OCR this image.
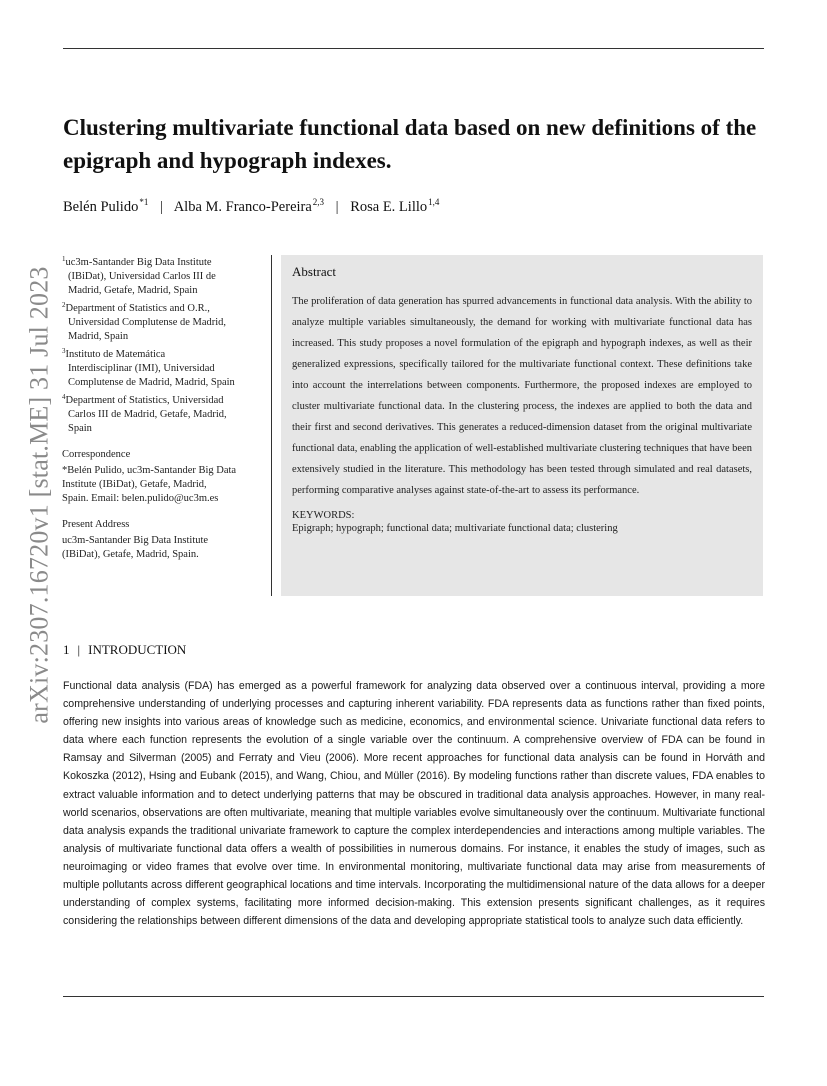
arXiv:2307.16720v1 [stat.ME] 31 Jul 2023
Clustering multivariate functional data based on new definitions of the epigraph and hypograph indexes.
Belén Pulido$^{*1}$ | Alba M. Franco-Pereira$^{2,3}$ | Rosa E. Lillo$^{1,4}$
$^1$uc3m-Santander Big Data Institute
(IBiDat), Universidad Carlos III de
Madrid, Getafe, Madrid, Spain
$^2$Department of Statistics and O.R.,
Universidad Complutense de Madrid,
Madrid, Spain
$^3$Instituto de Matemática
Interdisciplinar (IMI), Universidad
Complutense de Madrid, Madrid, Spain
$^4$Department of Statistics, Universidad
Carlos III de Madrid, Getafe, Madrid,
Spain
Correspondence
*Belén Pulido, uc3m-Santander Big Data
Institute (IBiDat), Getafe, Madrid,
Spain. Email: belen.pulido@uc3m.es
Present Address
uc3m-Santander Big Data Institute
(IBiDat), Getafe, Madrid, Spain.
Abstract

The proliferation of data generation has spurred advancements in functional data analysis. With the ability to analyze multiple variables simultaneously, the demand for working with multivariate functional data has increased. This study proposes a novel formulation of the epigraph and hypograph indexes, as well as their generalized expressions, specifically tailored for the multivariate functional context. These definitions take into account the interrelations between components. Furthermore, the proposed indexes are employed to cluster multivariate functional data. In the clustering process, the indexes are applied to both the data and their first and second derivatives. This generates a reduced-dimension dataset from the original multivariate functional data, enabling the application of well-established multivariate clustering techniques that have been extensively studied in the literature. This methodology has been tested through simulated and real datasets, performing comparative analyses against state-of-the-art to assess its performance.

KEYWORDS:
Epigraph; hypograph; functional data; multivariate functional data; clustering
1 | INTRODUCTION

Functional data analysis (FDA) has emerged as a powerful framework for analyzing data observed over a continuous interval, providing a more comprehensive understanding of underlying processes and capturing inherent variability. FDA represents data as functions rather than fixed points, offering new insights into various areas of knowledge such as medicine, economics, and environmental science. Univariate functional data refers to data where each function represents the evolution of a single variable over the continuum. A comprehensive overview of FDA can be found in Ramsay and Silverman (2005) and Ferraty and Vieu (2006). More recent approaches for functional data analysis can be found in Horváth and Kokoszka (2012), Hsing and Eubank (2015), and Wang, Chiou, and Müller (2016). By modeling functions rather than discrete values, FDA enables to extract valuable information and to detect underlying patterns that may be obscured in traditional data analysis approaches. However, in many real-world scenarios, observations are often multivariate, meaning that multiple variables evolve simultaneously over the continuum. Multivariate functional data analysis expands the traditional univariate framework to capture the complex interdependencies and interactions among multiple variables. The analysis of multivariate functional data offers a wealth of possibilities in numerous domains. For instance, it enables the study of images, such as neuroimaging or video frames that evolve over time. In environmental monitoring, multivariate functional data may arise from measurements of multiple pollutants across different geographical locations and time intervals. Incorporating the multidimensional nature of the data allows for a deeper understanding of complex systems, facilitating more informed decision-making. This extension presents significant challenges, as it requires considering the relationships between different dimensions of the data and developing appropriate statistical tools to analyze such data efficiently.
